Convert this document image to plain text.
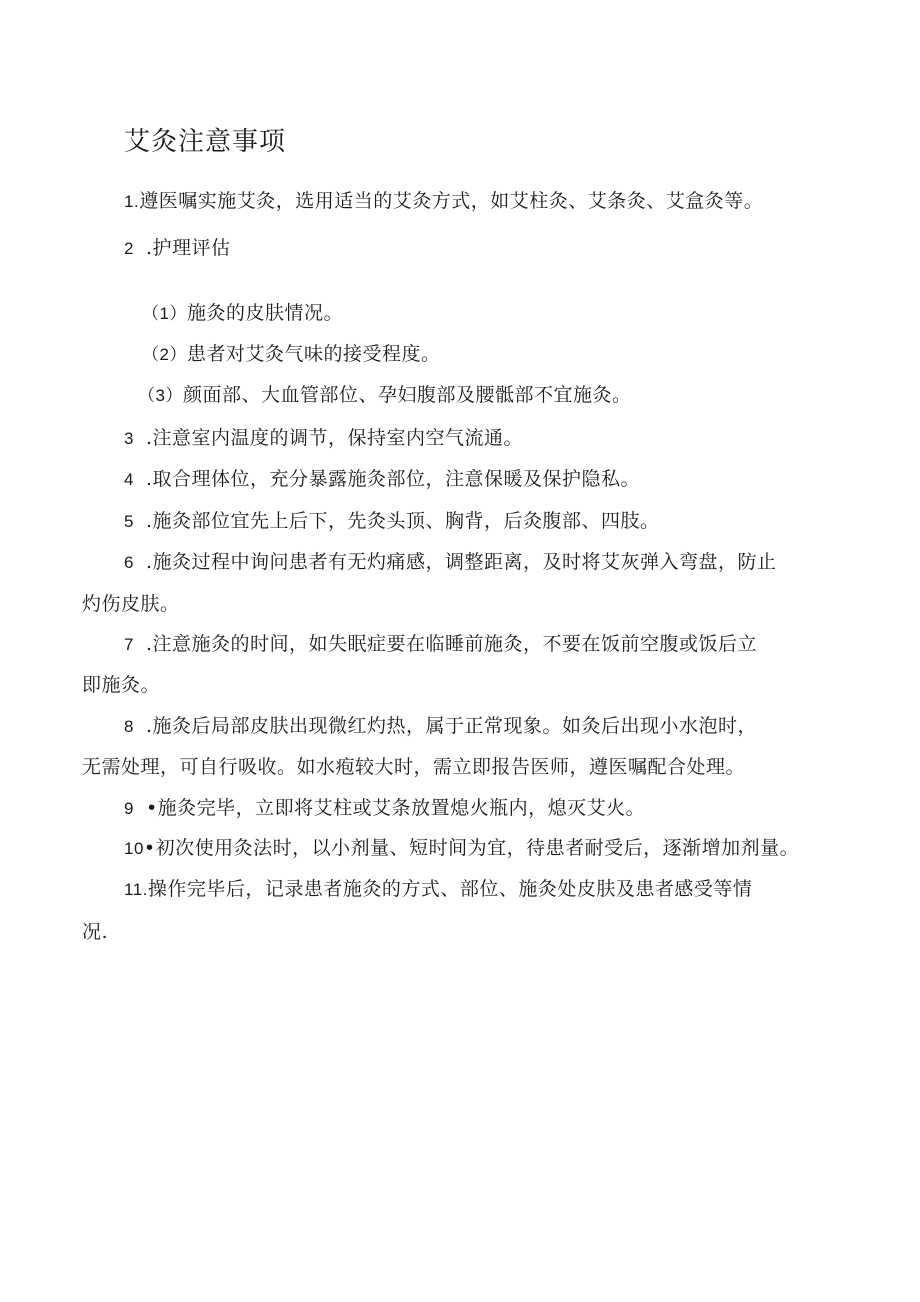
艾灸注意事项
1.遵医嘱实施艾灸，选用适当的艾灸方式，如艾柱灸、艾条灸、艾盒灸等。
2 .护理评估
（1）施灸的皮肤情况。
（2）患者对艾灸气味的接受程度。
（3）颜面部、大血管部位、孕妇腹部及腰骶部不宜施灸。
3 .注意室内温度的调节，保持室内空气流通。
4 .取合理体位，充分暴露施灸部位，注意保暖及保护隐私。
5 .施灸部位宜先上后下，先灸头顶、胸背，后灸腹部、四肢。
6 .施灸过程中询问患者有无灼痛感，调整距离，及时将艾灰弹入弯盘，防止
灼伤皮肤。
7 .注意施灸的时间，如失眠症要在临睡前施灸，不要在饭前空腹或饭后立
即施灸。
8 .施灸后局部皮肤出现微红灼热，属于正常现象。如灸后出现小水泡时，
无需处理，可自行吸收。如水疱较大时，需立即报告医师，遵医嘱配合处理。
9 •施灸完毕，立即将艾柱或艾条放置熄火瓶内，熄灭艾火。
10•初次使用灸法时，以小剂量、短时间为宜，待患者耐受后，逐渐增加剂量。
11.操作完毕后，记录患者施灸的方式、部位、施灸处皮肤及患者感受等情
况.
